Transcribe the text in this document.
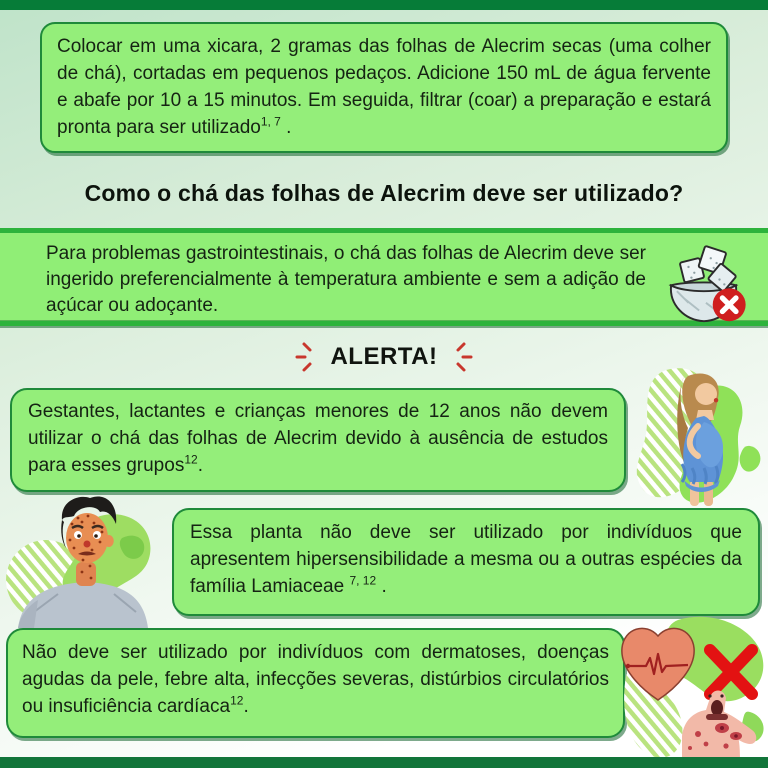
Colocar em uma xicara, 2 gramas das folhas de Alecrim secas (uma colher de chá), cortadas em pequenos pedaços. Adicione 150 mL de água fervente e abafe por 10 a 15 minutos. Em seguida, filtrar (coar) a preparação e estará pronta para ser utilizado$^{1, 7}$ .

Como o chá das folhas de Alecrim deve ser utilizado?

Para problemas gastrointestinais, o chá das folhas de Alecrim deve ser ingerido preferencialmente à temperatura ambiente e sem a adição de açúcar ou adoçante.

ALERTA!

Gestantes, lactantes e crianças menores de 12 anos não devem utilizar o chá das folhas de Alecrim devido à ausência de estudos para esses grupos$^{12}$.

Essa planta não deve ser utilizado por indivíduos que apresentem hipersensibilidade a mesma ou a outras espécies da família Lamiaceae $^{7, 12}$ .

Não deve ser utilizado por indivíduos com dermatoses, doenças agudas da pele, febre alta, infecções severas, distúrbios circulatórios ou insuficiência cardíaca$^{12}$.
